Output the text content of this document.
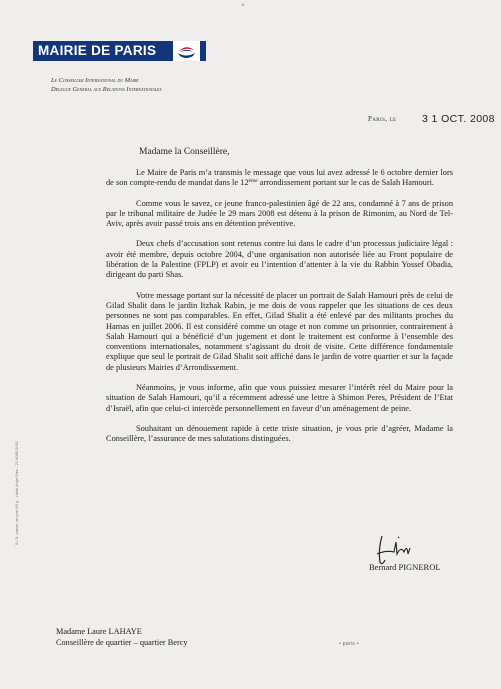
°
MAIRIE DE PARIS
Le Conseiller International du Maire
Delegue General aux Relations Internationales
Paris, le 3 1 OCT. 2008
Madame la Conseillère,

Le Maire de Paris m’a transmis le message que vous lui avez adressé le 6 octobre dernier lors de son compte-rendu de mandat dans le 12ème arrondissement portant sur le cas de Salah Hamouri.

Comme vous le savez, ce jeune franco-palestinien âgé de 22 ans, condamné à 7 ans de prison par le tribunal militaire de Judée le 29 mars 2008 est détenu à la prison de Rimonim, au Nord de Tel-Aviv, après avoir passé trois ans en détention préventive.

Deux chefs d’accusation sont retenus contre lui dans le cadre d’un processus judiciaire légal : avoir été membre, depuis octobre 2004, d’une organisation non autorisée liée au Front populaire de libération de la Palestine (FPLP) et avoir eu l’intention d’attenter à la vie du Rabbin Yossef Obadia, dirigeant du parti Shas.

Votre message portant sur la nécessité de placer un portrait de Salah Hamouri près de celui de Gilad Shalit dans le jardin Itzhak Rabin, je me dois de vous rappeler que les situations de ces deux personnes ne sont pas comparables. En effet, Gilad Shalit a été enlevé par des militants proches du Hamas en juillet 2006. Il est considéré comme un otage et non comme un prisonnier, contrairement à Salah Hamouri qui a bénéficié d’un jugement et dont le traitement est conforme à l’ensemble des conventions internationales, notamment s’agissant du droit de visite. Cette différence fondamentale explique que seul le portrait de Gilad Shalit soit affiché dans le jardin de votre quartier et sur la façade de plusieurs Mairies d’Arrondissement.

Néanmoins, je vous informe, afin que vous puissiez mesurer l’intérêt réel du Maire pour la situation de Salah Hamouri, qu’il a récemment adressé une lettre à Shimon Peres, Président de l’Etat d’Israël, afin que celui-ci intercède personnellement en faveur d’un aménagement de peine.

Souhaitant un dénouement rapide à cette triste situation, je vous prie d’agréer, Madame la Conseillère, l’assurance de mes salutations distinguées.

Bernard PIGNEROL
R.I.D. papier recyclé 80 g - Label Ange Bleu - 21 6080 0001
Madame Laure LAHAYE
Conseillère de quartier – quartier Bercy	• paris •
